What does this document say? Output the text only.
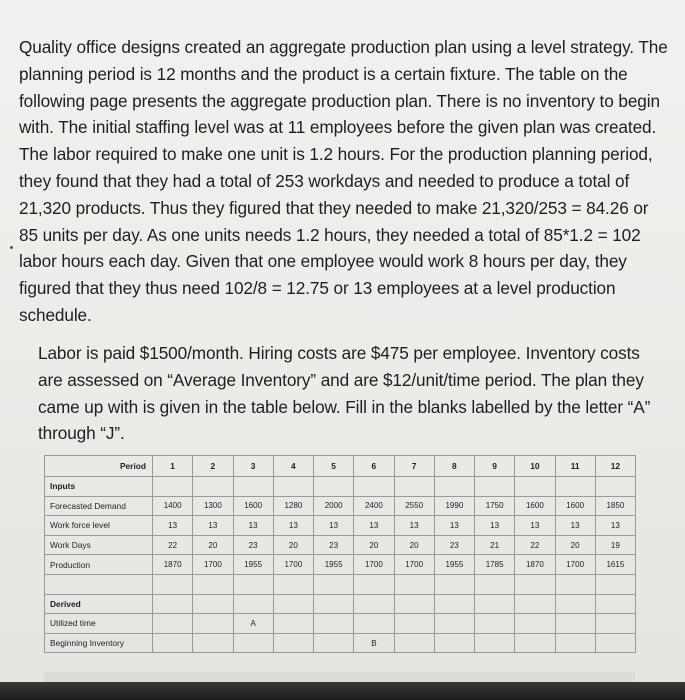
Quality office designs created an aggregate production plan using a level strategy. The planning period is 12 months and the product is a certain fixture. The table on the following page presents the aggregate production plan. There is no inventory to begin with. The initial staffing level was at 11 employees before the given plan was created. The labor required to make one unit is 1.2 hours. For the production planning period, they found that they had a total of 253 workdays and needed to produce a total of 21,320 products. Thus they figured that they needed to make 21,320/253 = 84.26 or 85 units per day. As one units needs 1.2 hours, they needed a total of 85*1.2 = 102 labor hours each day. Given that one employee would work 8 hours per day, they figured that they thus need 102/8 = 12.75 or 13 employees at a level production schedule.
Labor is paid $1500/month. Hiring costs are $475 per employee. Inventory costs are assessed on “Average Inventory” and are $12/unit/time period. The plan they came up with is given in the table below. Fill in the blanks labelled by the letter “A” through “J”.
Period	1	2	3	4	5	6	7	8	9	10	11	12
Inputs												
Forecasted Demand	1400	1300	1600	1280	2000	2400	2550	1990	1750	1600	1600	1850
Work force level	13	13	13	13	13	13	13	13	13	13	13	13
Work Days	22	20	23	20	23	20	20	23	21	22	20	19
Production	1870	1700	1955	1700	1955	1700	1700	1955	1785	1870	1700	1615

Derived												
Utilized time			A									
Beginning Inventory						B						
